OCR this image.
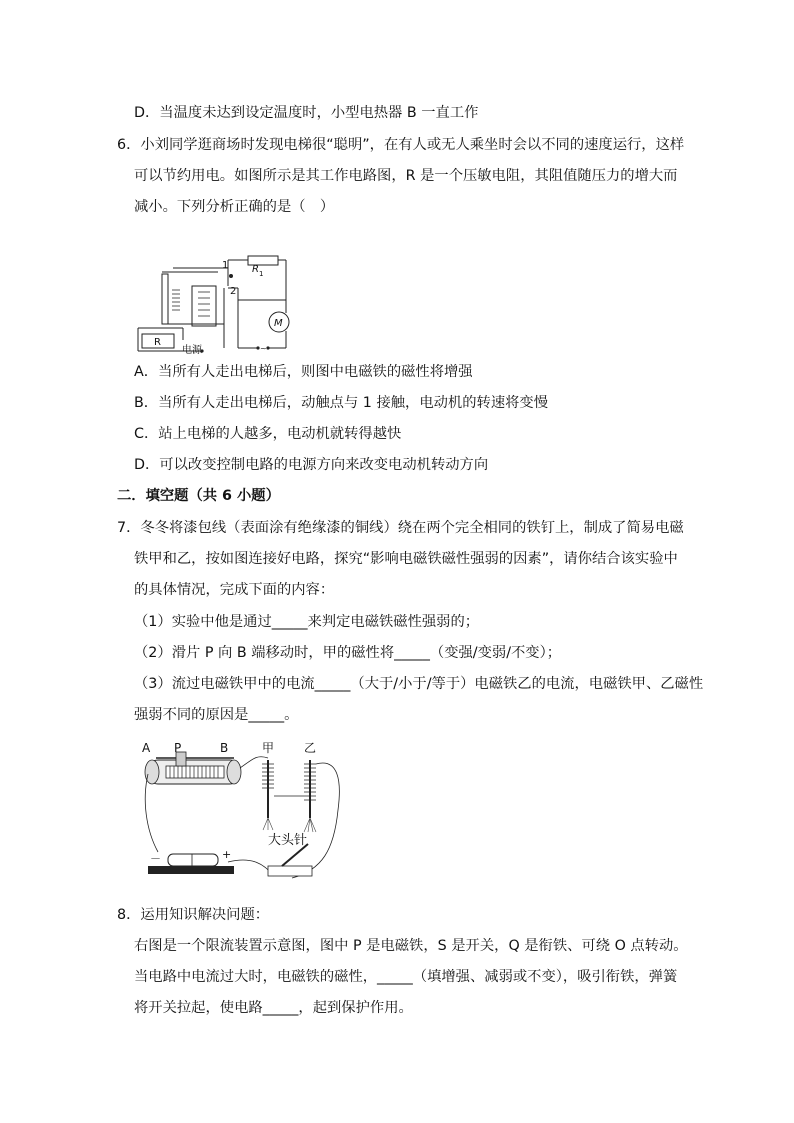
D．当温度未达到设定温度时，小型电热器 B 一直工作
6．小刘同学逛商场时发现电梯很“聪明”，在有人或无人乘坐时会以不同的速度运行，这样
可以节约用电。如图所示是其工作电路图，R 是一个压敏电阻，其阻值随压力的增大而
减小。下列分析正确的是（　）
1
2
R 1
M
R
电源	~
A．当所有人走出电梯后，则图中电磁铁的磁性将增强
B．当所有人走出电梯后，动触点与 1 接触，电动机的转速将变慢
C．站上电梯的人越多，电动机就转得越快
D．可以改变控制电路的电源方向来改变电动机转动方向
二．填空题（共 6 小题）
7．冬冬将漆包线（表面涂有绝缘漆的铜线）绕在两个完全相同的铁钉上，制成了简易电磁
铁甲和乙，按如图连接好电路，探究“影响电磁铁磁性强弱的因素”，请你结合该实验中
的具体情况，完成下面的内容：
（1）实验中他是通过_____来判定电磁铁磁性强弱的；
（2）滑片 P 向 B 端移动时，甲的磁性将_____（变强/变弱/不变）；
（3）流过电磁铁甲中的电流_____（大于/小于/等于）电磁铁乙的电流，电磁铁甲、乙磁性
强弱不同的原因是_____。
A P	B	甲 乙
大头针
－	+
8．运用知识解决问题：
右图是一个限流装置示意图，图中 P 是电磁铁，S 是开关，Q 是衔铁、可绕 O 点转动。
当电路中电流过大时，电磁铁的磁性，_____（填增强、减弱或不变），吸引衔铁，弹簧
将开关拉起，使电路_____，起到保护作用。
